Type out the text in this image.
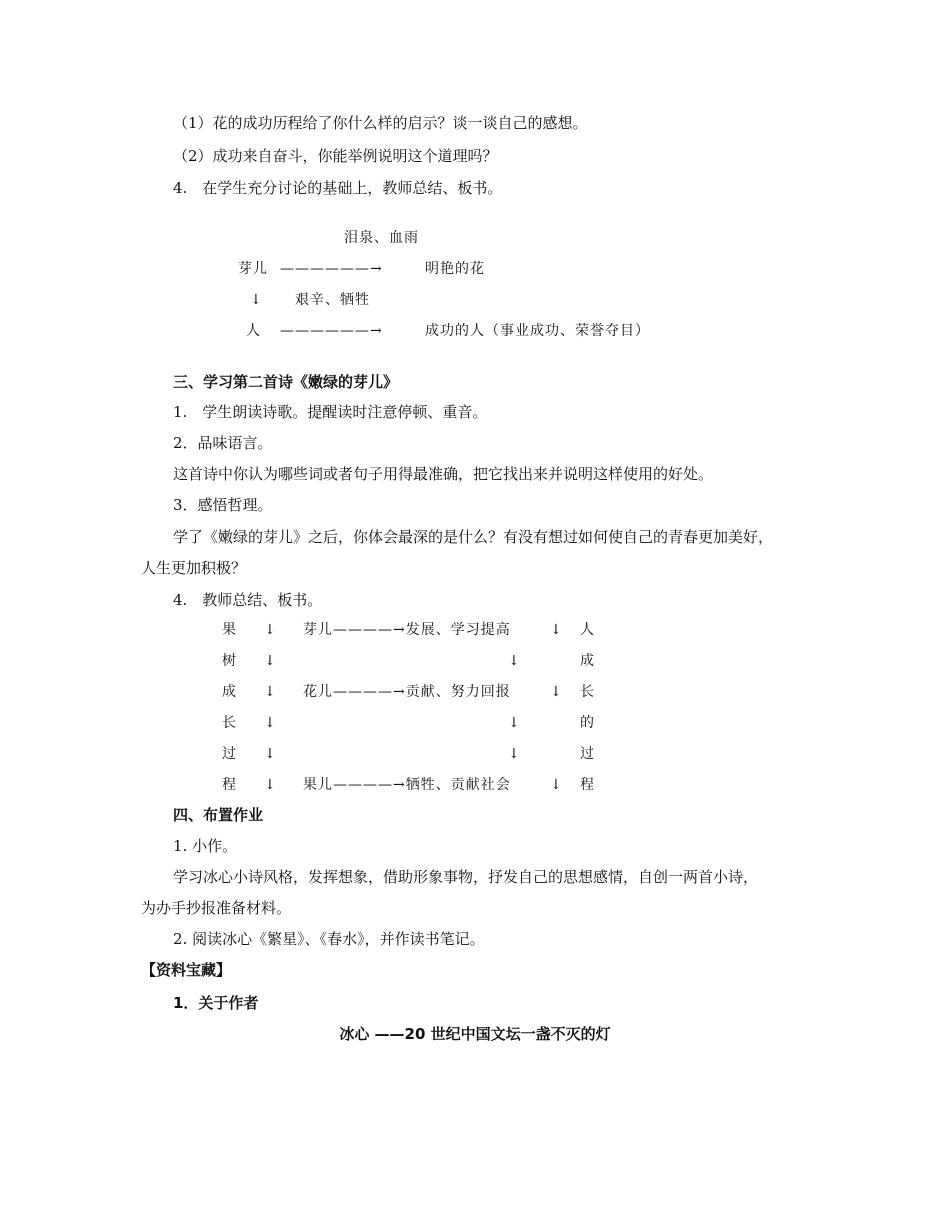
（1）花的成功历程给了你什么样的启示？谈一谈自己的感想。
（2）成功来自奋斗，你能举例说明这个道理吗？
4.　在学生充分讨论的基础上，教师总结、板书。
泪泉、血雨
芽儿 ——————→	明艳的花
↓ 艰辛、牺牲
人 ——————→	成功的人（事业成功、荣誉夺目）
三、学习第二首诗《嫩绿的芽儿》
1.　学生朗读诗歌。提醒读时注意停顿、重音。
2．品味语言。
这首诗中你认为哪些词或者句子用得最准确，把它找出来并说明这样使用的好处。
3．感悟哲理。
学了《嫩绿的芽儿》之后，你体会最深的是什么？有没有想过如何使自己的青春更加美好，
人生更加积极？
4.　教师总结、板书。
果
树
成
长
过
程
↓
↓
↓
↓
↓
↓
芽儿————→发展、学习提高
花儿————→贡献、努力回报
果儿————→牺牲、贡献社会
↓
↓
↓
↓
↓
↓
人
成
长
的
过
程
四、布置作业
1. 小作。
学习冰心小诗风格，发挥想象，借助形象事物，抒发自己的思想感情，自创一两首小诗，
为办手抄报准备材料。
2. 阅读冰心《繁星》、《春水》，并作读书笔记。
【资料宝藏】
1．关于作者
冰心 ——20 世纪中国文坛一盏不灭的灯
